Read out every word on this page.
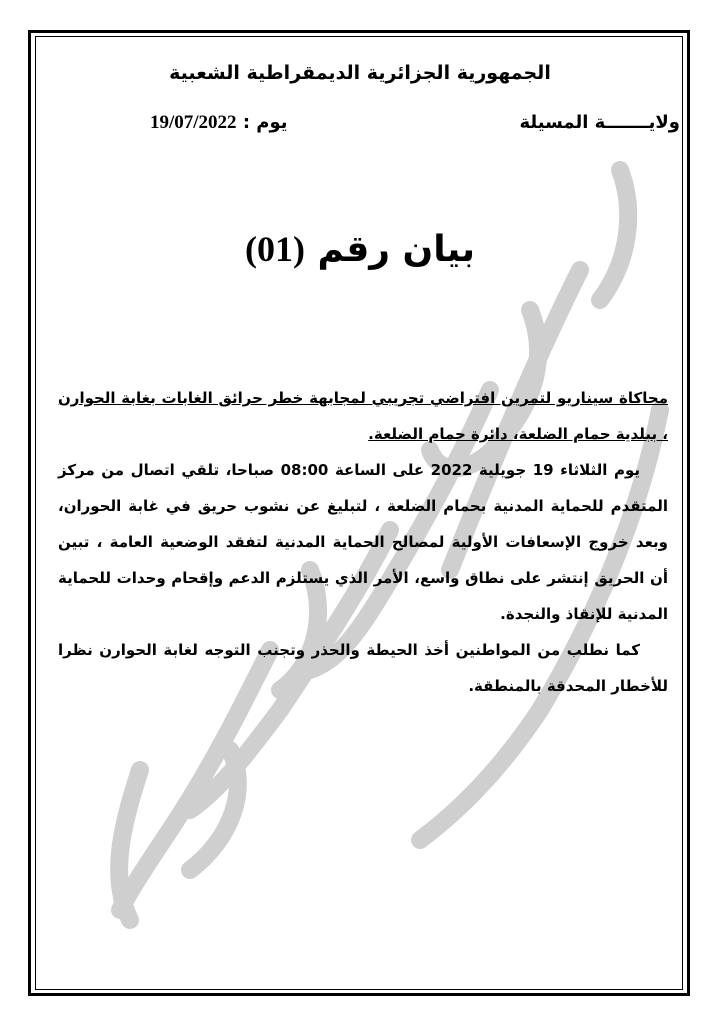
الجمهورية الجزائرية الديمقراطية الشعبية
ولايـــــــة المسيلة
يوم : 19/07/2022
بيان رقم (01)

محاكاة سيناريو لتمرين افتراضي تجريبي لمجابهة خطر حرائق الغابات بغابة الحوارن ، ببلدية حمام الضلعة، دائرة حمام الضلعة.

يوم الثلاثاء 19 جويلية 2022 على الساعة 08:00 صباحا، تلقي اتصال من مركز المتقدم للحماية المدنية بحمام الضلعة ، لتبليغ عن نشوب حريق في غابة الحوران، وبعد خروج الإسعافات الأولية لمصالح الحماية المدنية لتفقد الوضعية العامة ، تبين أن الحريق إنتشر على نطاق واسع، الأمر الذي يستلزم الدعم وإقحام وحدات للحماية المدنية للإنقاذ والنجدة.

كما نطلب من المواطنين أخذ الحيطة والحذر وتجنب التوجه لغابة الحوارن نظرا للأخطار المحدقة بالمنطقة.
